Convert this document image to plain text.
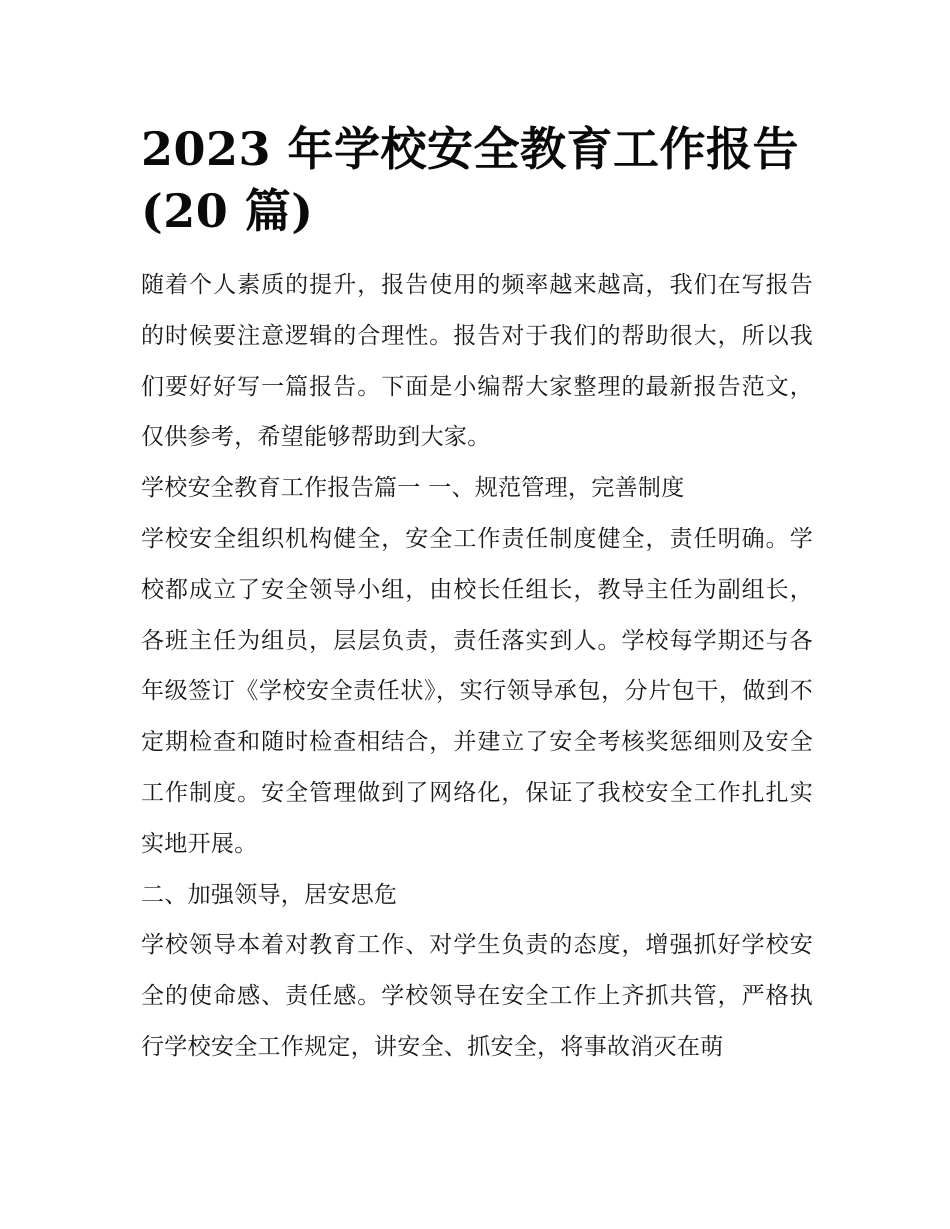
2023 年学校安全教育工作报告(20 篇)

随着个人素质的提升，报告使用的频率越来越高，我们在写报告的时候要注意逻辑的合理性。报告对于我们的帮助很大，所以我们要好好写一篇报告。下面是小编帮大家整理的最新报告范文，仅供参考，希望能够帮助到大家。

学校安全教育工作报告篇一 一、规范管理，完善制度

学校安全组织机构健全，安全工作责任制度健全，责任明确。学校都成立了安全领导小组，由校长任组长，教导主任为副组长，各班主任为组员，层层负责，责任落实到人。学校每学期还与各年级签订《学校安全责任状》，实行领导承包，分片包干，做到不定期检查和随时检查相结合，并建立了安全考核奖惩细则及安全工作制度。安全管理做到了网络化，保证了我校安全工作扎扎实实地开展。

二、加强领导，居安思危

学校领导本着对教育工作、对学生负责的态度，增强抓好学校安全的使命感、责任感。学校领导在安全工作上齐抓共管，严格执行学校安全工作规定，讲安全、抓安全，将事故消灭在萌
